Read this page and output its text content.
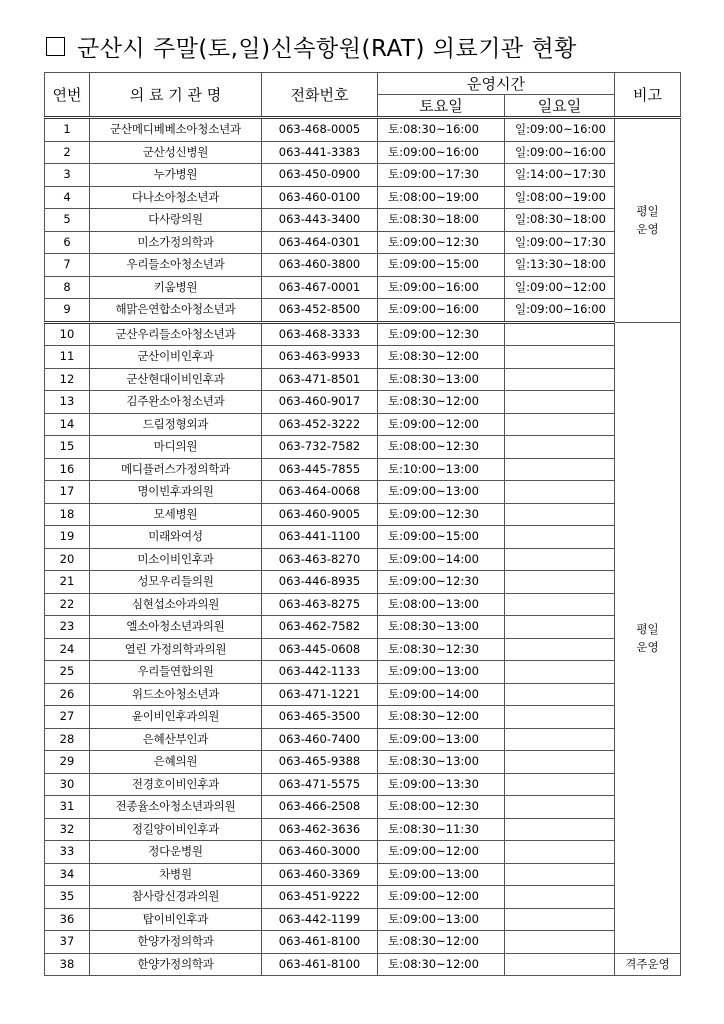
군산시 주말(토,일)신속항원(RAT) 의료기관 현황
연번	의 료 기 관 명	전화번호	운영시간		비고
			토요일	일요일	
1	군산메디베베소아청소년과	063-468-0005	토:08:30~16:00	일:09:00~16:00	평일
운영

2	군산성신병원	063-441-3383	토:09:00~16:00	일:09:00~16:00	
3	누가병원	063-450-0900	토:09:00~17:30	일:14:00~17:30	
4	다나소아청소년과	063-460-0100	토:08:00~19:00	일:08:00~19:00	
5	다사랑의원	063-443-3400	토:08:30~18:00	일:08:30~18:00	
6	미소가정의학과	063-464-0301	토:09:00~12:30	일:09:00~17:30	
7	우리들소아청소년과	063-460-3800	토:09:00~15:00	일:13:30~18:00	
8	키움병원	063-467-0001	토:09:00~16:00	일:09:00~12:00	
9	해맑은연합소아청소년과	063-452-8500	토:09:00~16:00	일:09:00~16:00	
10	군산우리들소아청소년과	063-468-3333	토:09:00~12:30		평일
운영

11	군산이비인후과	063-463-9933	토:08:30~12:00		
12	군산현대이비인후과	063-471-8501	토:08:30~13:00		
13	김주완소아청소년과	063-460-9017	토:08:30~12:00		
14	드림정형외과	063-452-3222	토:09:00~12:00		
15	마디의원	063-732-7582	토:08:00~12:30		
16	메디플러스가정의학과	063-445-7855	토:10:00~13:00		
17	명이빈후과의원	063-464-0068	토:09:00~13:00		
18	모세병원	063-460-9005	토:09:00~12:30		
19	미래와여성	063-441-1100	토:09:00~15:00		
20	미소이비인후과	063-463-8270	토:09:00~14:00		
21	성모우리들의원	063-446-8935	토:09:00~12:30		
22	심현섭소아과의원	063-463-8275	토:08:00~13:00		
23	엘소아청소년과의원	063-462-7582	토:08:30~13:00		
24	열린 가정의학과의원	063-445-0608	토:08:30~12:30		
25	우리들연합의원	063-442-1133	토:09:00~13:00		
26	위드소아청소년과	063-471-1221	토:09:00~14:00		
27	윤이비인후과의원	063-465-3500	토:08:30~12:00		
28	은혜산부인과	063-460-7400	토:09:00~13:00		
29	은혜의원	063-465-9388	토:08:30~13:00		
30	전경호이비인후과	063-471-5575	토:09:00~13:30		
31	전종율소아청소년과의원	063-466-2508	토:08:00~12:30		
32	정길양이비인후과	063-462-3636	토:08:30~11:30		
33	정다운병원	063-460-3000	토:09:00~12:00		
34	차병원	063-460-3369	토:09:00~13:00		
35	참사랑신경과의원	063-451-9222	토:09:00~12:00		
36	탑이비인후과	063-442-1199	토:09:00~13:00		
37	한양가정의학과	063-461-8100	토:08:30~12:00		
38	한양가정의학과	063-461-8100	토:08:30~12:00		격주운영
